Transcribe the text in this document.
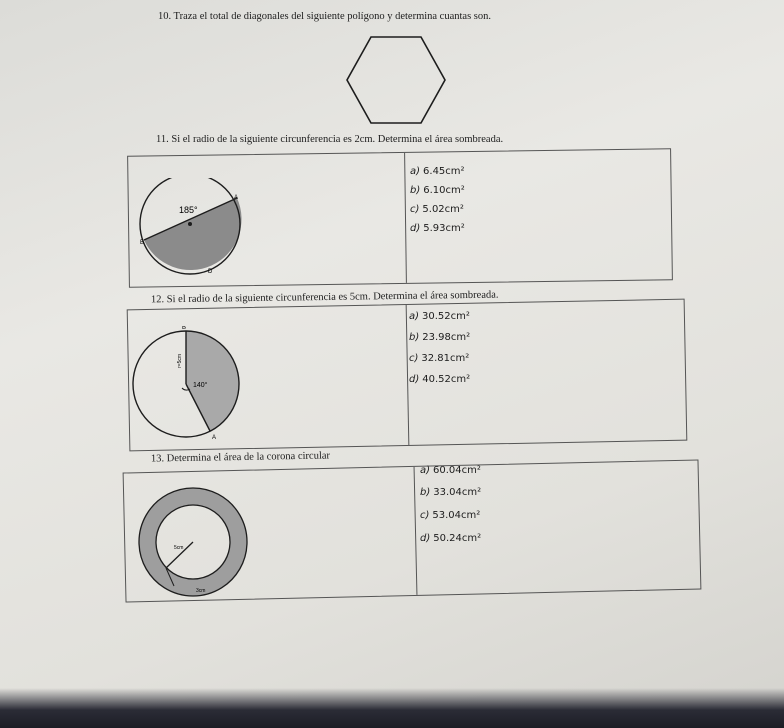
10. Traza el total de diagonales del siguiente polígono y determina cuantas son.
11. Si el radio de la siguiente circunferencia es 2cm. Determina el área sombreada.
185°
A
B
D
a) 6.45cm²
b) 6.10cm²
c) 5.02cm²
d) 5.93cm²
12. Si el radio de la siguiente circunferencia es 5cm. Determina el área sombreada.
140°
r=5cm
B
A
a) 30.52cm²
b) 23.98cm²
c) 32.81cm²
d) 40.52cm²
13. Determina el área de la corona circular
5cm
3cm
a) 60.04cm²
b) 33.04cm²
c) 53.04cm²
d) 50.24cm²
